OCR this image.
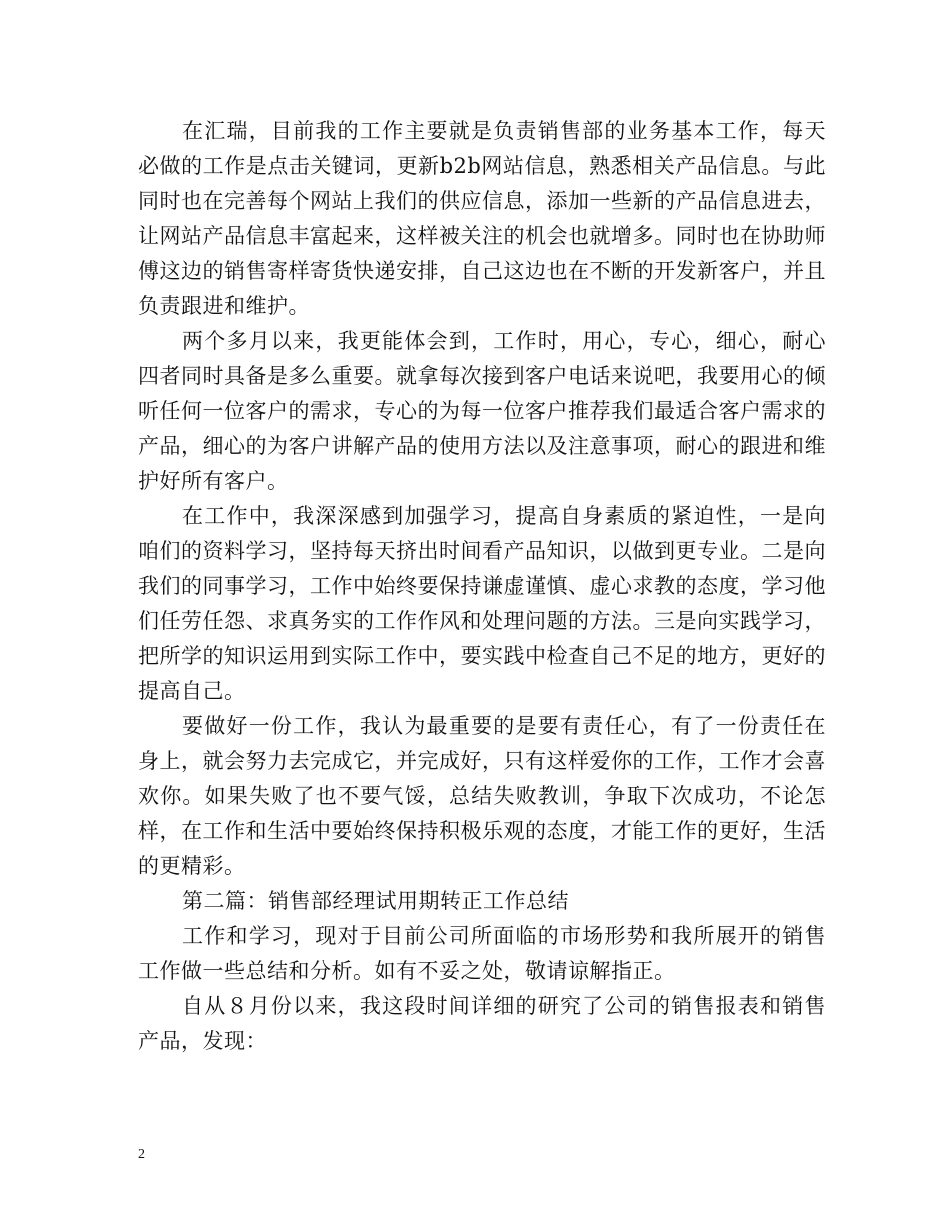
在汇瑞，目前我的工作主要就是负责销售部的业务基本工作，每天必做的工作是点击关键词，更新b2b网站信息，熟悉相关产品信息。与此同时也在完善每个网站上我们的供应信息，添加一些新的产品信息进去，让网站产品信息丰富起来，这样被关注的机会也就增多。同时也在协助师傅这边的销售寄样寄货快递安排，自己这边也在不断的开发新客户，并且负责跟进和维护。

两个多月以来，我更能体会到，工作时，用心，专心，细心，耐心四者同时具备是多么重要。就拿每次接到客户电话来说吧，我要用心的倾听任何一位客户的需求，专心的为每一位客户推荐我们最适合客户需求的产品，细心的为客户讲解产品的使用方法以及注意事项，耐心的跟进和维护好所有客户。

在工作中，我深深感到加强学习，提高自身素质的紧迫性，一是向咱们的资料学习，坚持每天挤出时间看产品知识，以做到更专业。二是向我们的同事学习，工作中始终要保持谦虚谨慎、虚心求教的态度，学习他们任劳任怨、求真务实的工作作风和处理问题的方法。三是向实践学习，把所学的知识运用到实际工作中，要实践中检查自己不足的地方，更好的提高自己。

要做好一份工作，我认为最重要的是要有责任心，有了一份责任在身上，就会努力去完成它，并完成好，只有这样爱你的工作，工作才会喜欢你。如果失败了也不要气馁，总结失败教训，争取下次成功，不论怎样，在工作和生活中要始终保持积极乐观的态度，才能工作的更好，生活的更精彩。

第二篇：销售部经理试用期转正工作总结

工作和学习，现对于目前公司所面临的市场形势和我所展开的销售工作做一些总结和分析。如有不妥之处，敬请谅解指正。

自从８月份以来，我这段时间详细的研究了公司的销售报表和销售产品，发现：

2
